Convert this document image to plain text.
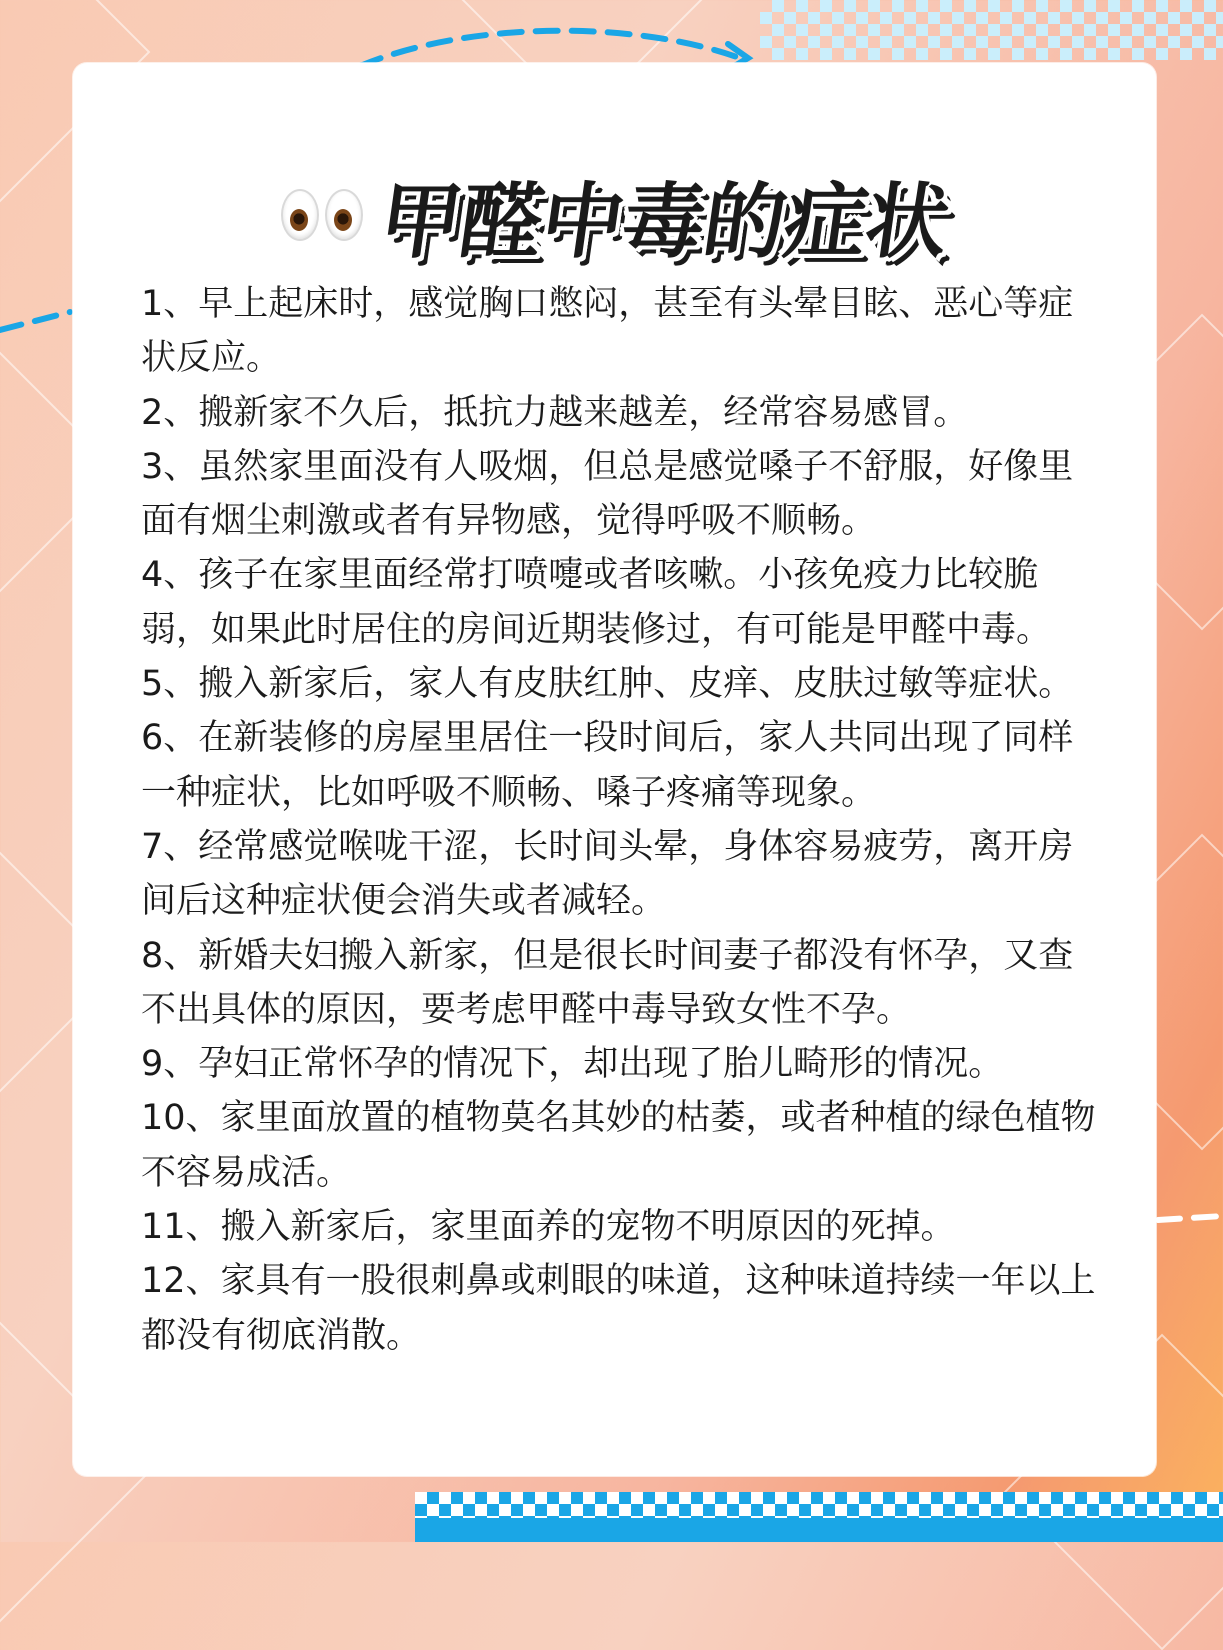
甲醛中毒的症状

1、早上起床时，感觉胸口憋闷，甚至有头晕目眩、恶心等症状反应。

2、搬新家不久后，抵抗力越来越差，经常容易感冒。

3、虽然家里面没有人吸烟，但总是感觉嗓子不舒服，好像里面有烟尘刺激或者有异物感，觉得呼吸不顺畅。

4、孩子在家里面经常打喷嚏或者咳嗽。小孩免疫力比较脆弱，如果此时居住的房间近期装修过，有可能是甲醛中毒。

5、搬入新家后，家人有皮肤红肿、皮痒、皮肤过敏等症状。

6、在新装修的房屋里居住一段时间后，家人共同出现了同样一种症状，比如呼吸不顺畅、嗓子疼痛等现象。

7、经常感觉喉咙干涩，长时间头晕，身体容易疲劳，离开房间后这种症状便会消失或者减轻。

8、新婚夫妇搬入新家，但是很长时间妻子都没有怀孕，又查不出具体的原因，要考虑甲醛中毒导致女性不孕。

9、孕妇正常怀孕的情况下，却出现了胎儿畸形的情况。

10、家里面放置的植物莫名其妙的枯萎，或者种植的绿色植物不容易成活。

11、搬入新家后，家里面养的宠物不明原因的死掉。

12、家具有一股很刺鼻或刺眼的味道，这种味道持续一年以上都没有彻底消散。
